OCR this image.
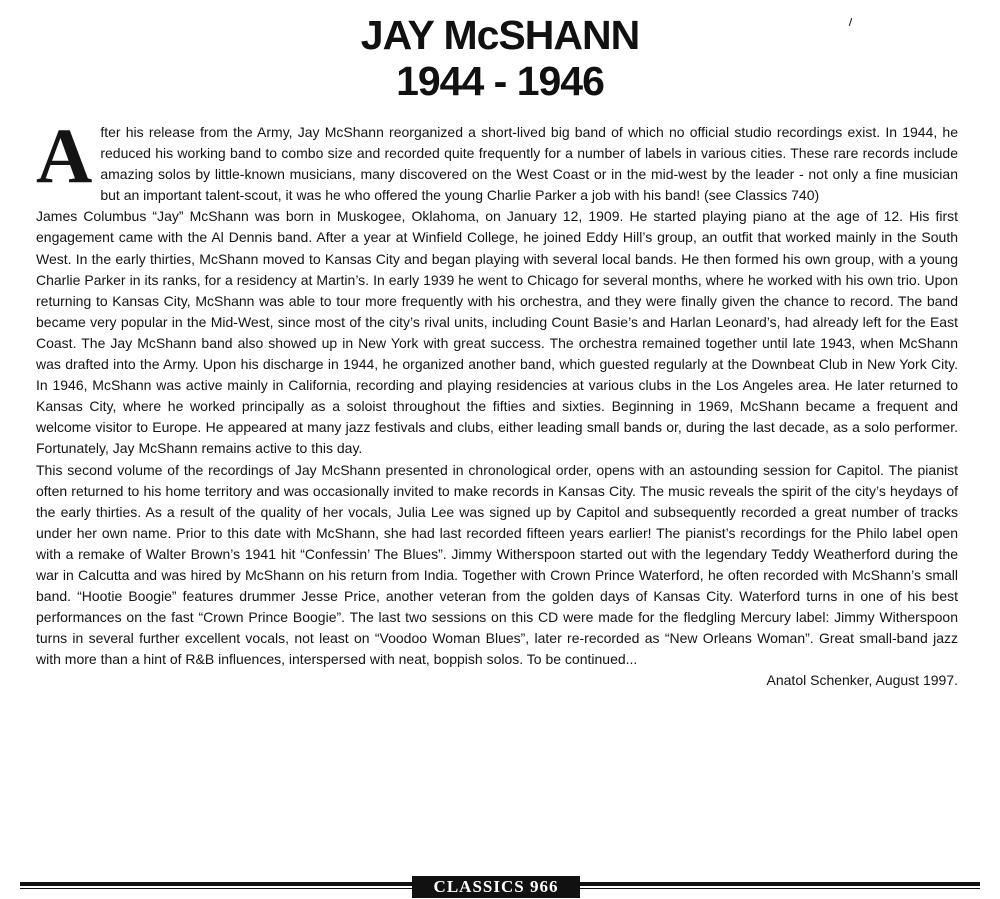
JAY McSHANN
1944 - 1946

After his release from the Army, Jay McShann reorganized a short-lived big band of which no official studio recordings exist. In 1944, he reduced his working band to combo size and recorded quite frequently for a number of labels in various cities. These rare records include amazing solos by little-known musicians, many discovered on the West Coast or in the mid-west by the leader - not only a fine musician but an important talent-scout, it was he who offered the young Charlie Parker a job with his band! (see Classics 740)

James Columbus “Jay” McShann was born in Muskogee, Oklahoma, on January 12, 1909. He started playing piano at the age of 12. His first engagement came with the Al Dennis band. After a year at Winfield College, he joined Eddy Hill’s group, an outfit that worked mainly in the South West. In the early thirties, McShann moved to Kansas City and began playing with several local bands. He then formed his own group, with a young Charlie Parker in its ranks, for a residency at Martin’s. In early 1939 he went to Chicago for several months, where he worked with his own trio. Upon returning to Kansas City, McShann was able to tour more frequently with his orchestra, and they were finally given the chance to record. The band became very popular in the Mid-West, since most of the city’s rival units, including Count Basie’s and Harlan Leonard’s, had already left for the East Coast. The Jay McShann band also showed up in New York with great success. The orchestra remained together until late 1943, when McShann was drafted into the Army. Upon his discharge in 1944, he organized another band, which guested regularly at the Downbeat Club in New York City. In 1946, McShann was active mainly in California, recording and playing residencies at various clubs in the Los Angeles area. He later returned to Kansas City, where he worked principally as a soloist throughout the fifties and sixties. Beginning in 1969, McShann became a frequent and welcome visitor to Europe. He appeared at many jazz festivals and clubs, either leading small bands or, during the last decade, as a solo performer. Fortunately, Jay McShann remains active to this day.

This second volume of the recordings of Jay McShann presented in chronological order, opens with an astounding session for Capitol. The pianist often returned to his home territory and was occasionally invited to make records in Kansas City. The music reveals the spirit of the city’s heydays of the early thirties. As a result of the quality of her vocals, Julia Lee was signed up by Capitol and subsequently recorded a great number of tracks under her own name. Prior to this date with McShann, she had last recorded fifteen years earlier! The pianist’s recordings for the Philo label open with a remake of Walter Brown’s 1941 hit “Confessin’ The Blues”. Jimmy Witherspoon started out with the legendary Teddy Weatherford during the war in Calcutta and was hired by McShann on his return from India. Together with Crown Prince Waterford, he often recorded with McShann’s small band. “Hootie Boogie” features drummer Jesse Price, another veteran from the golden days of Kansas City. Waterford turns in one of his best performances on the fast “Crown Prince Boogie”. The last two sessions on this CD were made for the fledgling Mercury label: Jimmy Witherspoon turns in several further excellent vocals, not least on “Voodoo Woman Blues”, later re-recorded as “New Orleans Woman”. Great small-band jazz with more than a hint of R&B influences, interspersed with neat, boppish solos. To be continued...

Anatol Schenker, August 1997.

CLASSICS 966
